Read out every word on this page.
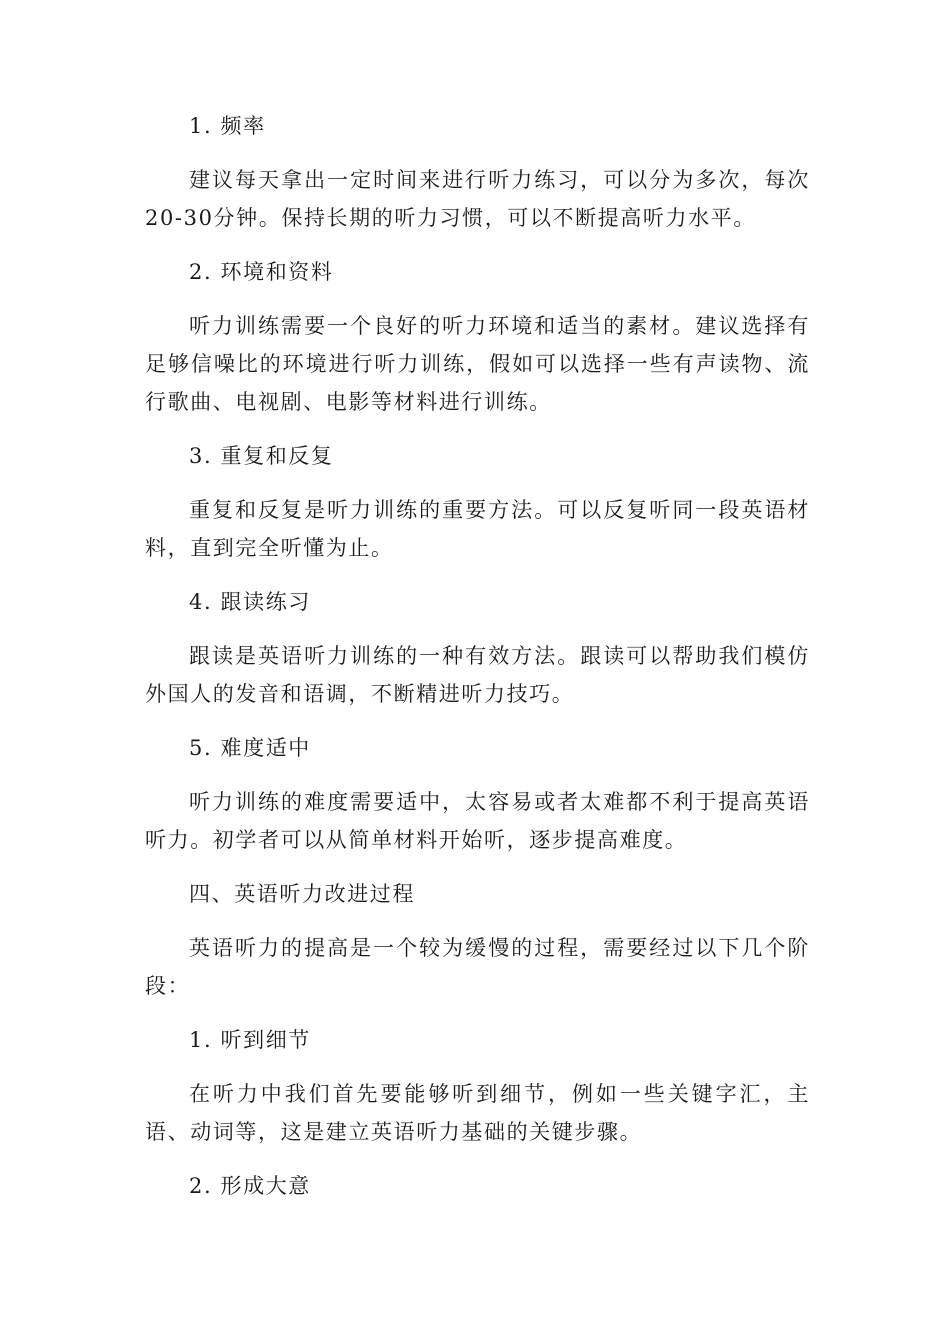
1. 频率

建议每天拿出一定时间来进行听力练习，可以分为多次，每次20-30分钟。保持长期的听力习惯，可以不断提高听力水平。

2. 环境和资料

听力训练需要一个良好的听力环境和适当的素材。建议选择有足够信噪比的环境进行听力训练，假如可以选择一些有声读物、流行歌曲、电视剧、电影等材料进行训练。

3. 重复和反复

重复和反复是听力训练的重要方法。可以反复听同一段英语材料，直到完全听懂为止。

4. 跟读练习

跟读是英语听力训练的一种有效方法。跟读可以帮助我们模仿外国人的发音和语调，不断精进听力技巧。

5. 难度适中

听力训练的难度需要适中，太容易或者太难都不利于提高英语听力。初学者可以从简单材料开始听，逐步提高难度。

四、英语听力改进过程

英语听力的提高是一个较为缓慢的过程，需要经过以下几个阶段：

1. 听到细节

在听力中我们首先要能够听到细节，例如一些关键字汇，主语、动词等，这是建立英语听力基础的关键步骤。

2. 形成大意
